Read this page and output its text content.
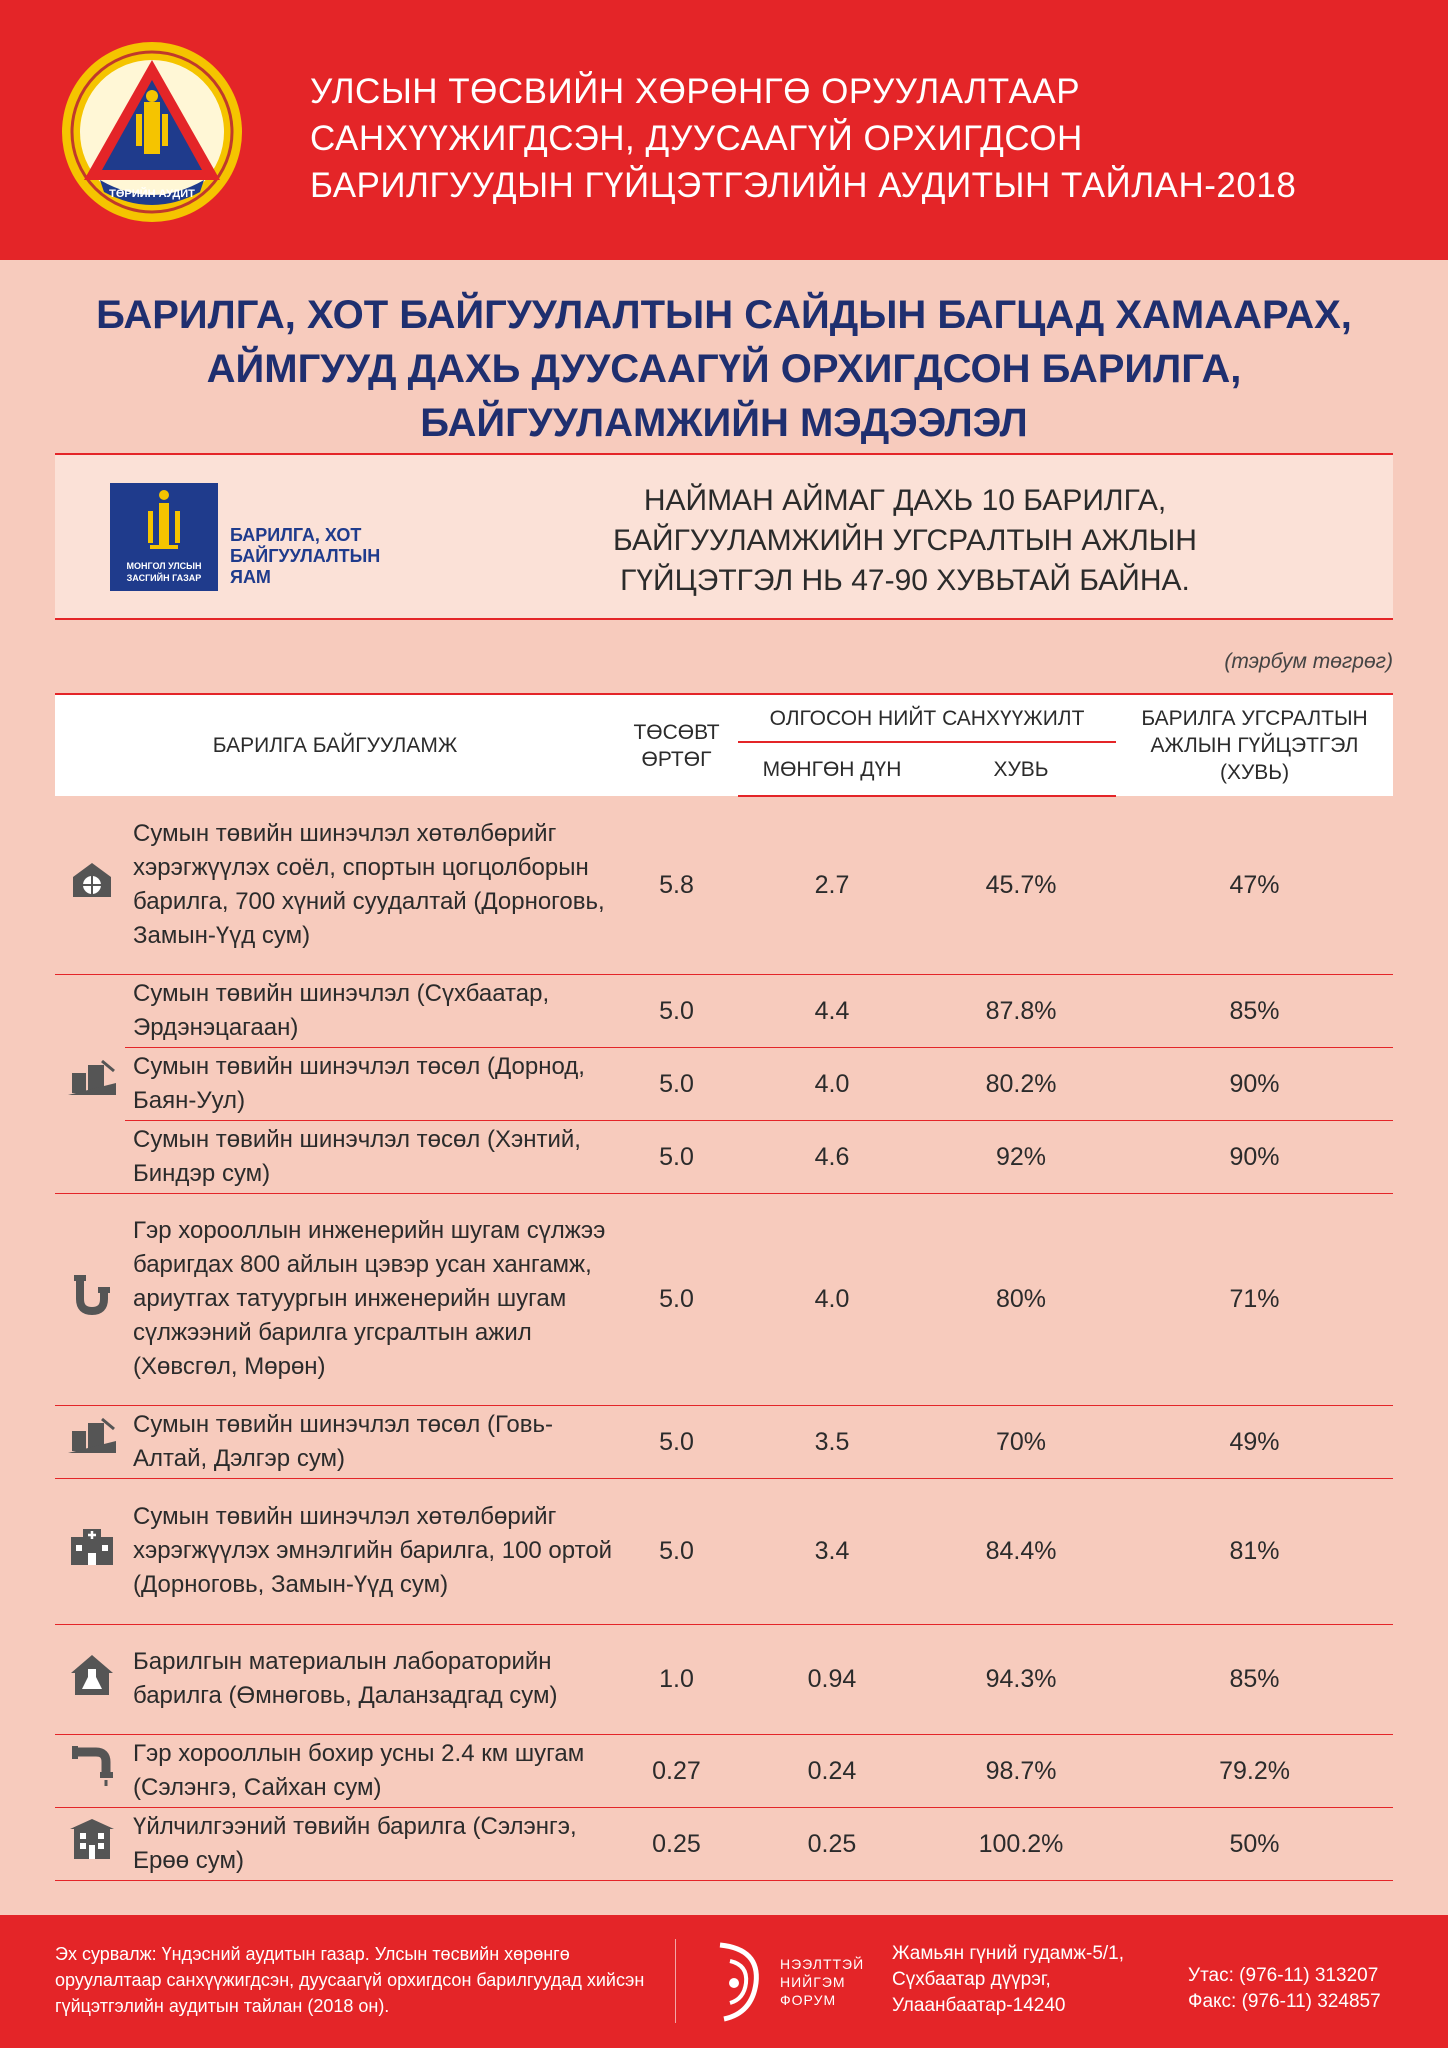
ТӨРИЙН АУДИТ
УЛСЫН ТӨСВИЙН ХӨРӨНГӨ ОРУУЛАЛТААР
САНХҮҮЖИГДСЭН, ДУУСААГҮЙ ОРХИГДСОН
БАРИЛГУУДЫН ГҮЙЦЭТГЭЛИЙН АУДИТЫН ТАЙЛАН-2018
БАРИЛГА, ХОТ БАЙГУУЛАЛТЫН САЙДЫН БАГЦАД ХАМААРАХ,
АЙМГУУД ДАХЬ ДУУСААГҮЙ ОРХИГДСОН БАРИЛГА,
БАЙГУУЛАМЖИЙН МЭДЭЭЛЭЛ
МОНГОЛ УЛСЫН
ЗАСГИЙН ГАЗАР
БАРИЛГА, ХОТ
БАЙГУУЛАЛТЫН
ЯАМ
НАЙМАН АЙМАГ ДАХЬ 10 БАРИЛГА,
БАЙГУУЛАМЖИЙН УГСРАЛТЫН АЖЛЫН
ГҮЙЦЭТГЭЛ НЬ 47-90 ХУВЬТАЙ БАЙНА.
(тэрбум төгрөг)
БАРИЛГА БАЙГУУЛАМЖ		ТӨСӨВТ
ӨРТӨГ	ОЛГОСОН НИЙТ САНХҮҮЖИЛТ		БАРИЛГА УГСРАЛТЫН
АЖЛЫН ГҮЙЦЭТГЭЛ
(ХУВЬ)
			МӨНГӨН ДҮН	ХУВЬ	
	Сумын төвийн шинэчлэл хөтөлбөрийг хэрэгжүүлэх соёл, спортын цогцолборын барилга, 700 хүний суудалтай (Дорноговь, Замын-Үүд сум)	5.8	2.7	45.7%	47%
	Сумын төвийн шинэчлэл (Сүхбаатар, Эрдэнэцагаан)	5.0	4.4	87.8%	85%
	Сумын төвийн шинэчлэл төсөл (Дорнод, Баян-Уул)	5.0	4.0	80.2%	90%
	Сумын төвийн шинэчлэл төсөл (Хэнтий, Биндэр сум)	5.0	4.6	92%	90%
	Гэр хорооллын инженерийн шугам сүлжээ баригдах 800 айлын цэвэр усан хангамж, ариутгах татуургын инженерийн шугам сүлжээний барилга угсралтын ажил (Хөвсгөл, Мөрөн)	5.0	4.0	80%	71%
	Сумын төвийн шинэчлэл төсөл (Говь- Алтай, Дэлгэр сум)	5.0	3.5	70%	49%
	Сумын төвийн шинэчлэл хөтөлбөрийг хэрэгжүүлэх эмнэлгийн барилга, 100 ортой (Дорноговь, Замын-Үүд сум)	5.0	3.4	84.4%	81%
	Барилгын материалын лабораторийн барилга (Өмнөговь, Даланзадгад сум)	1.0	0.94	94.3%	85%
	Гэр хорооллын бохир усны 2.4 км шугам (Сэлэнгэ, Сайхан сум)	0.27	0.24	98.7%	79.2%
	Үйлчилгээний төвийн барилга (Сэлэнгэ, Ерөө сум)	0.25	0.25	100.2%	50%
Эх сурвалж: Үндэсний аудитын газар. Улсын төсвийн хөрөнгө оруулалтаар санхүүжигдсэн, дуусаагүй орхигдсон барилгуудад хийсэн гүйцэтгэлийн аудитын тайлан (2018 он).
НЭЭЛТТЭЙ
НИЙГЭМ
ФОРУМ
Жамьян гүний гудамж-5/1,
Сүхбаатар дүүрэг,
Улаанбаатар-14240
Утас: (976-11) 313207
Факс: (976-11) 324857
